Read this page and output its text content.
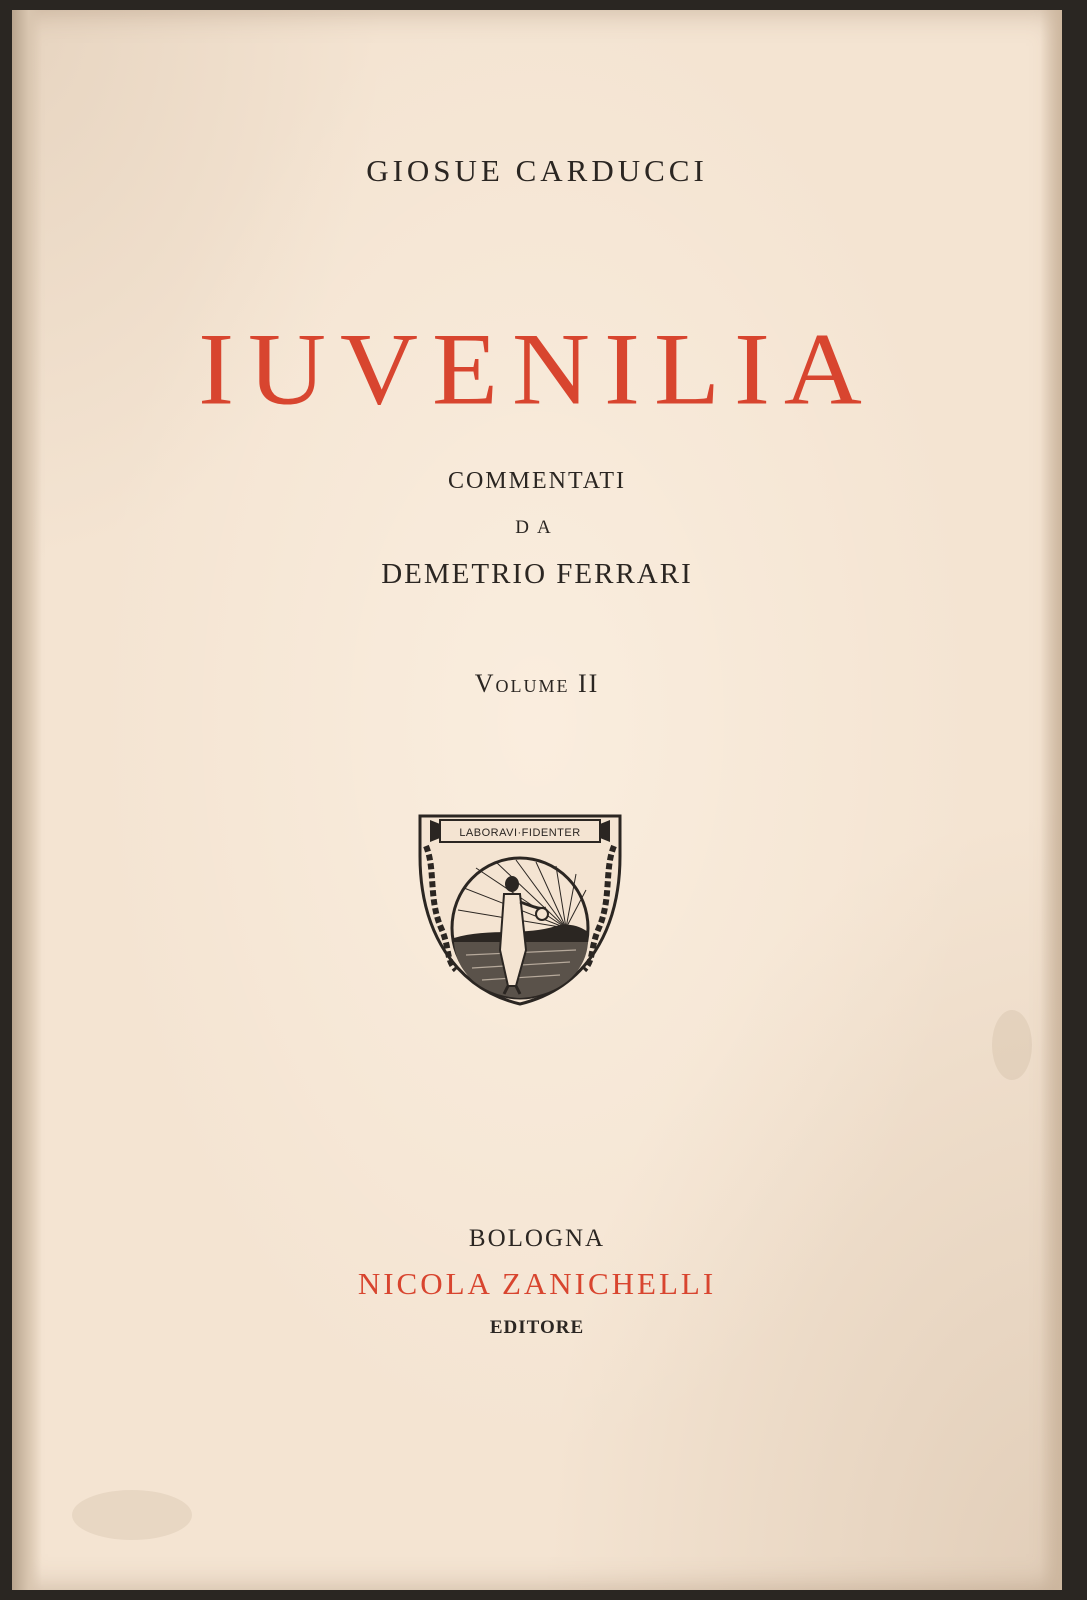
GIOSUE CARDUCCI
IUVENILIA
COMMENTATI
DA
DEMETRIO FERRARI
Volume II
LABORAVI·FIDENTER
BOLOGNA
NICOLA ZANICHELLI
EDITORE
